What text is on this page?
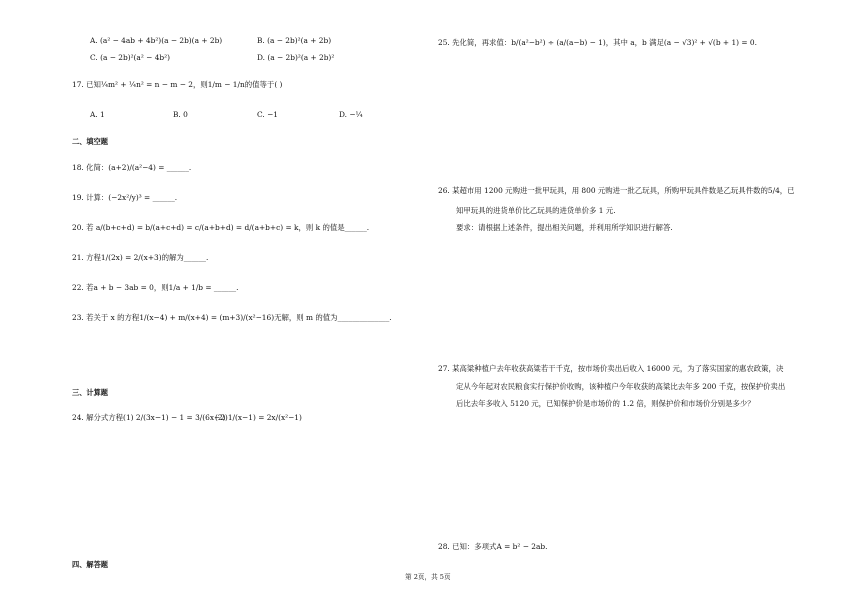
A. (a² − 4ab + 4b²)(a − 2b)(a + 2b)	B. (a − 2b)²(a + 2b)
C. (a − 2b)²(a² − 4b²)	D. (a − 2b)²(a + 2b)²
17. 已知¼m² + ¼n² = n − m − 2，则1/m − 1/n的值等于( )
A. 1	B. 0	C. −1	D. −¼
二、填空题
18. 化简：(a+2)/(a²−4) = ______.
19. 计算：(−2x²/y)³ = ______.
20. 若 a/(b+c+d) = b/(a+c+d) = c/(a+b+d) = d/(a+b+c) = k，则 k 的值是______.
21. 方程1/(2x) = 2/(x+3)的解为______.
22. 若a + b − 3ab = 0，则1/a + 1/b = ______.
23. 若关于 x 的方程1/(x−4) + m/(x+4) = (m+3)/(x²−16)无解，则 m 的值为______________.
三、计算题
24. 解分式方程(1) 2/(3x−1) − 1 = 3/(6x−2)
(2) 1/(x−1) = 2x/(x²−1)
四、解答题
25. 先化简，再求值：b/(a²−b²) ÷ (a/(a−b) − 1)，其中 a，b 满足(a − √3)² + √(b + 1) = 0.
26. 某超市用 1200 元购进一批甲玩具，用 800 元购进一批乙玩具，所购甲玩具件数是乙玩具件数的5/4，已
知甲玩具的进货单价比乙玩具的进货单价多 1 元.
要求：请根据上述条件，提出相关问题，并利用所学知识进行解答.
27. 某高粱种植户去年收获高粱若干千克，按市场价卖出后收入 16000 元，为了落实国家的惠农政策，决
定从今年起对农民粮食实行保护价收购，该种植户今年收获的高粱比去年多 200 千克，按保护价卖出
后比去年多收入 5120 元，已知保护价是市场价的 1.2 倍，则保护价和市场价分别是多少？
28. 已知：多项式A = b² − 2ab.
第 2页，共 5页
